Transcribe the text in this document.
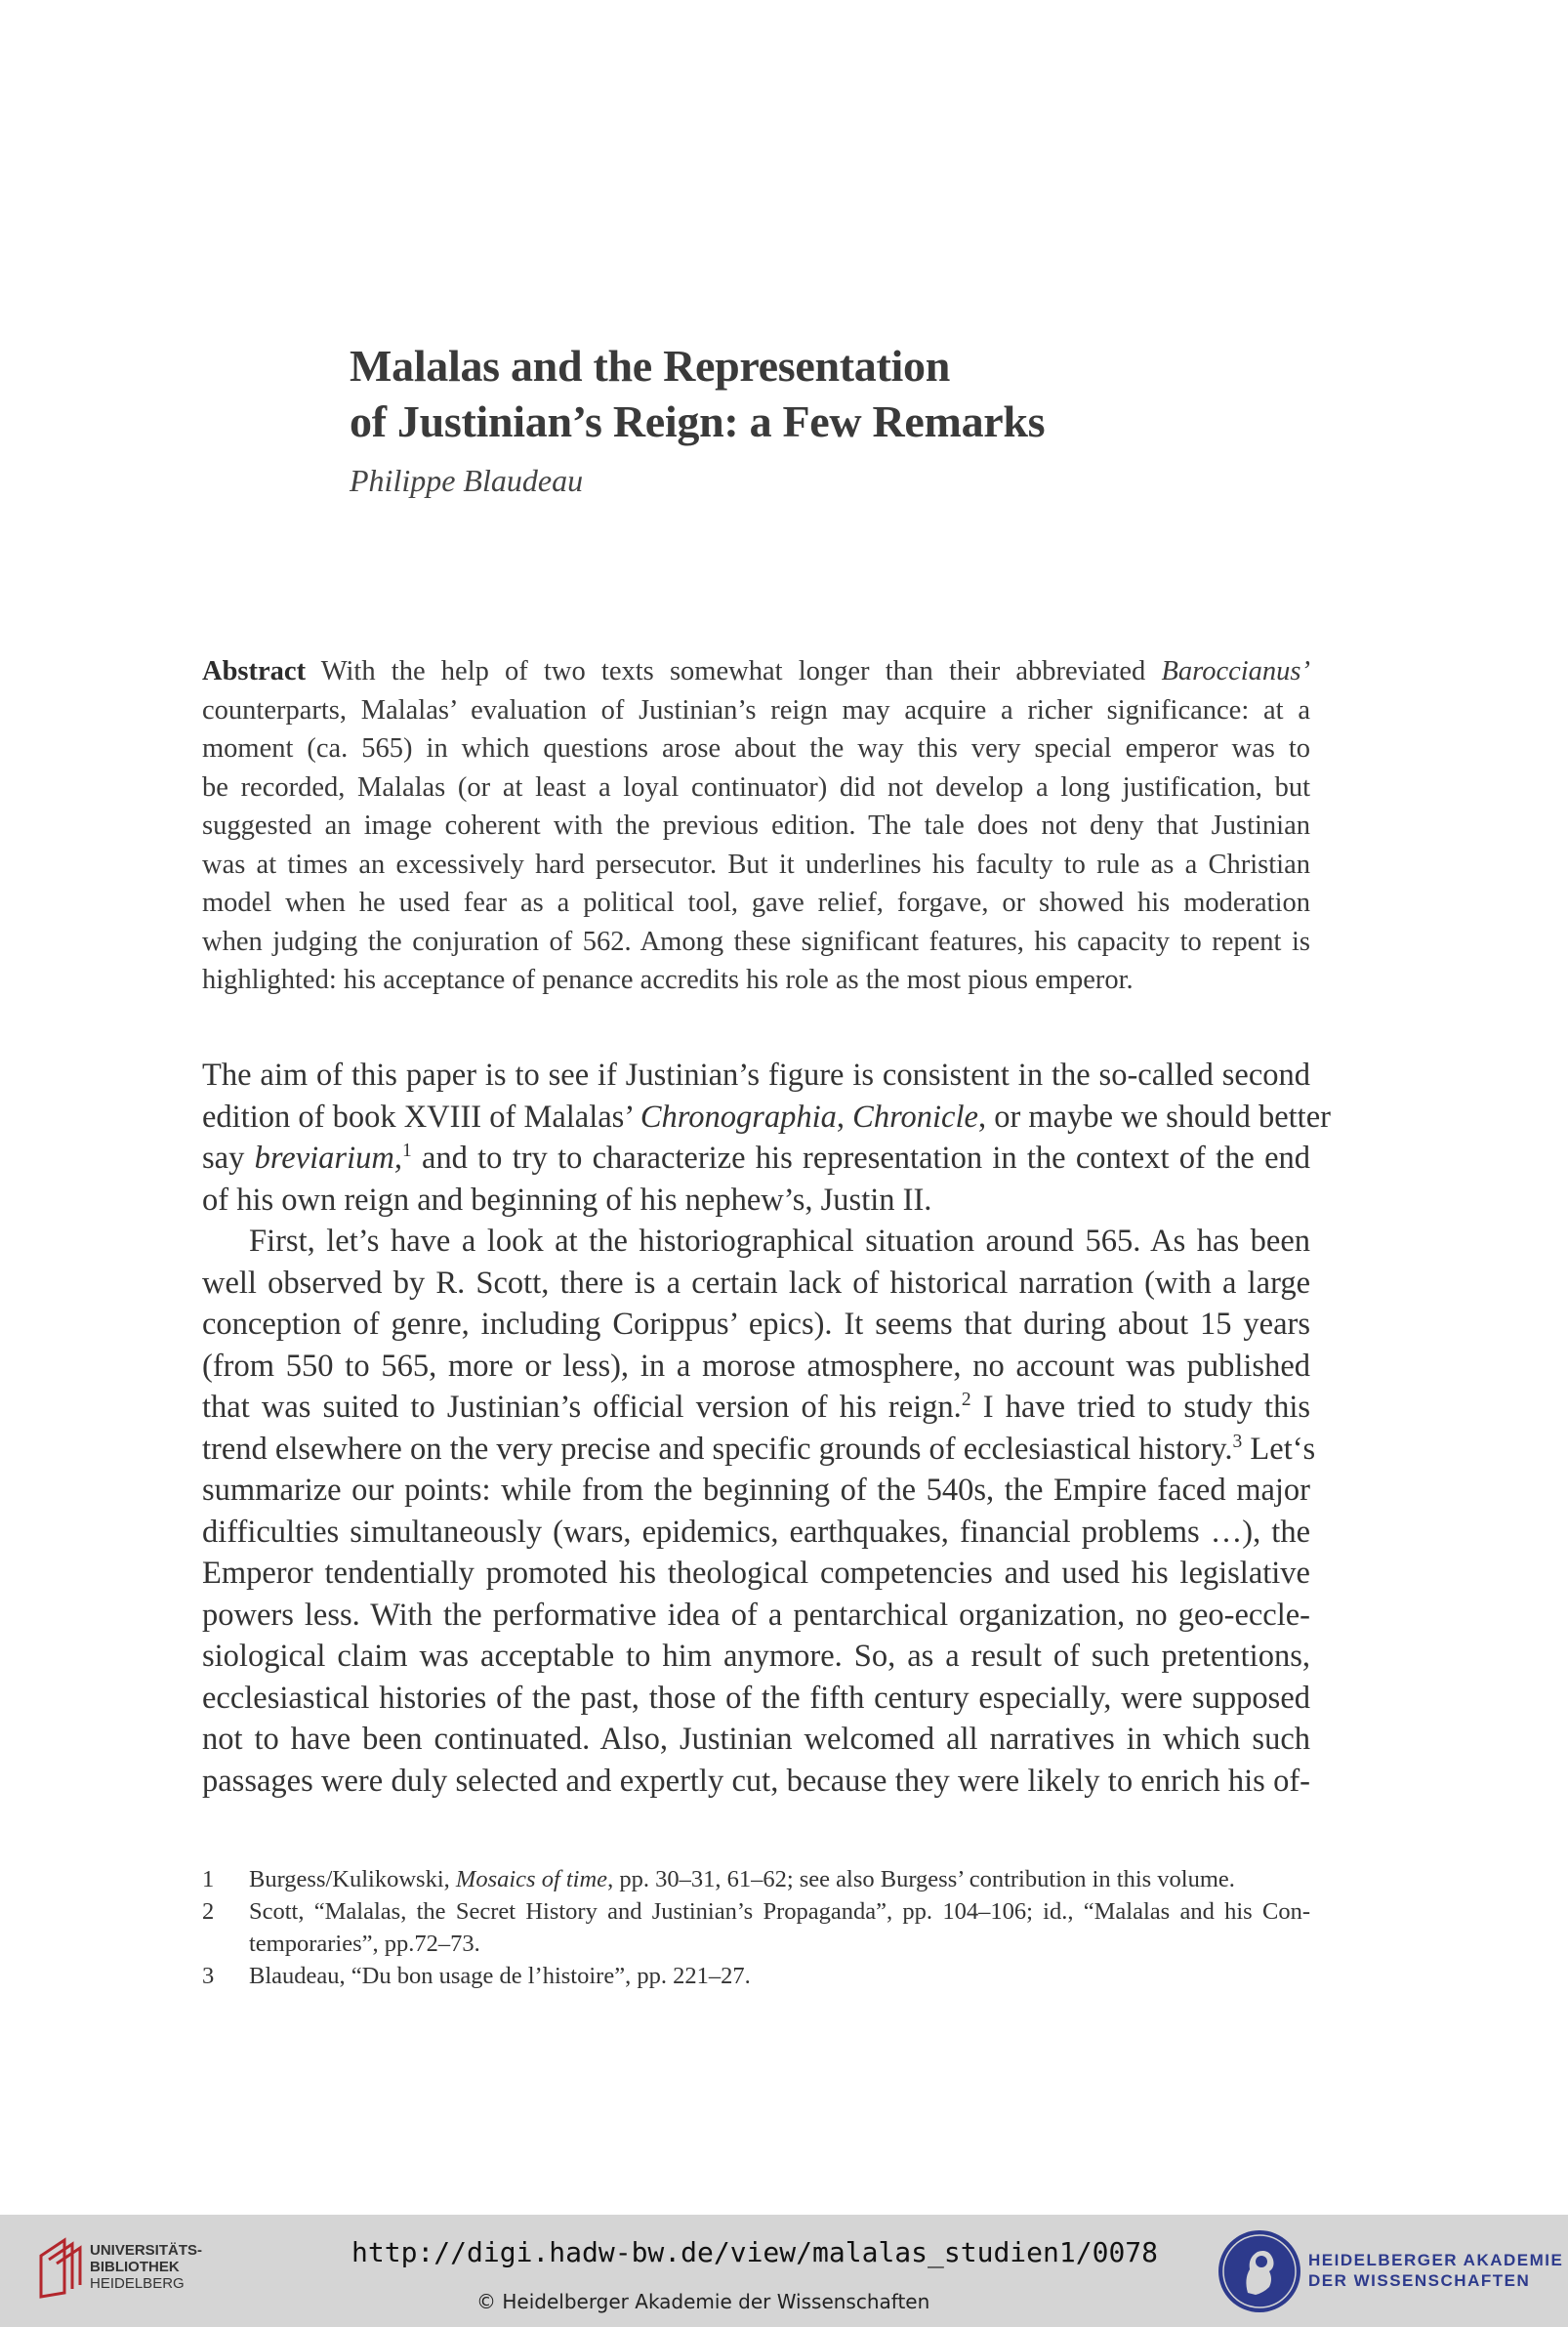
Malalas and the Representation
of Justinian’s Reign: a Few Remarks
Philippe Blaudeau
Abstract With the help of two texts somewhat longer than their abbreviated Baroccianus’
counterparts, Malalas’ evaluation of Justinian’s reign may acquire a richer significance: at a
moment (ca. 565) in which questions arose about the way this very special emperor was to
be recorded, Malalas (or at least a loyal continuator) did not develop a long justification, but
suggested an image coherent with the previous edition. The tale does not deny that Justinian
was at times an excessively hard persecutor. But it underlines his faculty to rule as a Christian
model when he used fear as a political tool, gave relief, forgave, or showed his moderation
when judging the conjuration of 562. Among these significant features, his capacity to repent is
highlighted: his acceptance of penance accredits his role as the most pious emperor.
The aim of this paper is to see if Justinian’s figure is consistent in the so-called second
edition of book XVIII of Malalas’ Chronographia, Chronicle, or maybe we should better
say breviarium,$^1$ and to try to characterize his representation in the context of the end
of his own reign and beginning of his nephew’s, Justin II.
First, let’s have a look at the historiographical situation around 565. As has been
well observed by R. Scott, there is a certain lack of historical narration (with a large
conception of genre, including Corippus’ epics). It seems that during about 15 years
(from 550 to 565, more or less), in a morose atmosphere, no account was published
that was suited to Justinian’s official version of his reign.$^2$ I have tried to study this
trend elsewhere on the very precise and specific grounds of ecclesiastical history.$^3$ Let‘s
summarize our points: while from the beginning of the 540s, the Empire faced major
difficulties simultaneously (wars, epidemics, earthquakes, financial problems …), the
Emperor tendentially promoted his theological competencies and used his legislative
powers less. With the performative idea of a pentarchical organization, no geo-eccle-
siological claim was acceptable to him anymore. So, as a result of such pretentions,
ecclesiastical histories of the past, those of the fifth century especially, were supposed
not to have been continuated. Also, Justinian welcomed all narratives in which such
passages were duly selected and expertly cut, because they were likely to enrich his of-
1 Burgess/Kulikowski, Mosaics of time, pp. 30–31, 61–62; see also Burgess’ contribution in this volume.
2 Scott, “Malalas, the Secret History and Justinian’s Propaganda”, pp. 104–106; id., “Malalas and his Con-
temporaries”, pp.72–73.
3 Blaudeau, “Du bon usage de l’histoire”, pp. 221–27.
UNIVERSITÄTS-
BIBLIOTHEK
HEIDELBERG
http://digi.hadw-bw.de/view/malalas_studien1/0078
© Heidelberger Akademie der Wissenschaften
HEIDELBERGER AKADEMIE
DER WISSENSCHAFTEN
